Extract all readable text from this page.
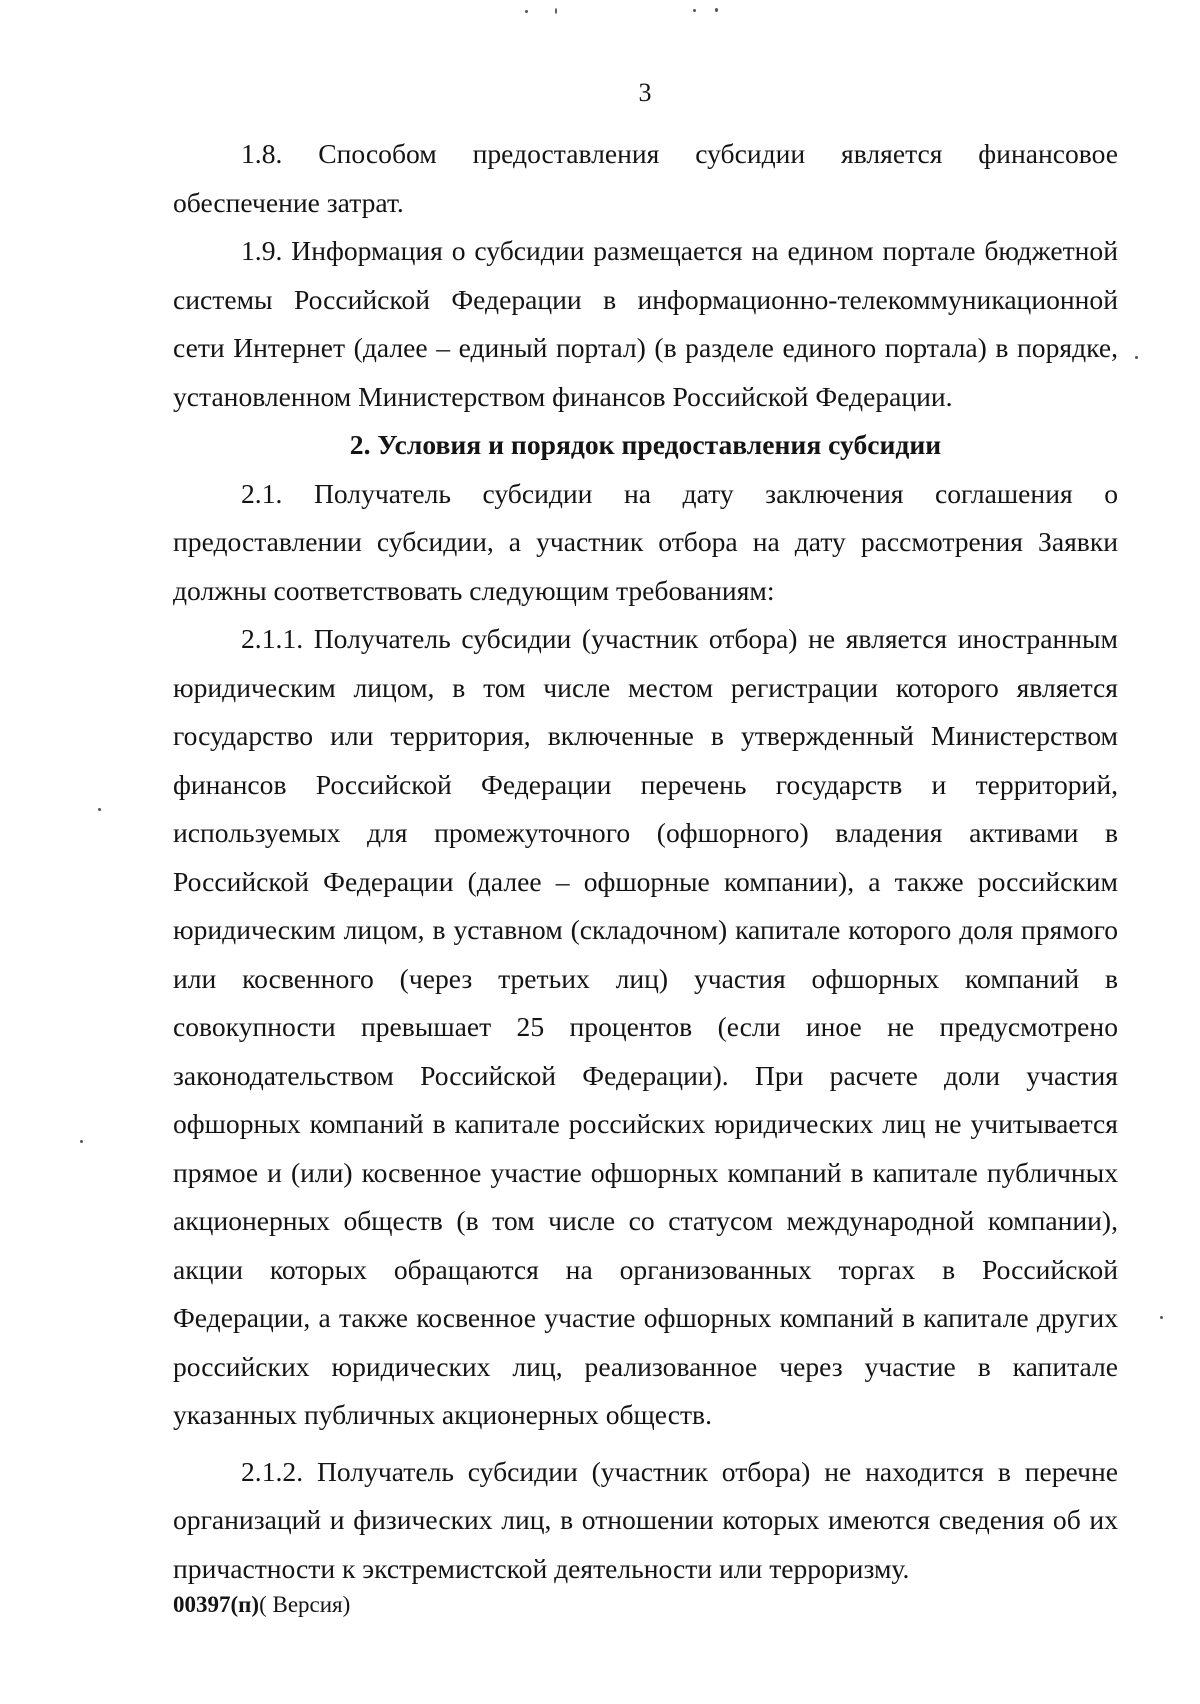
3

1.8. Способом предоставления субсидии является финансовое обеспечение затрат.

1.9. Информация о субсидии размещается на едином портале бюджетной системы Российской Федерации в информационно-телекоммуникационной сети Интернет (далее – единый портал) (в разделе единого портала) в порядке, установленном Министерством финансов Российской Федерации.

2. Условия и порядок предоставления субсидии

2.1. Получатель субсидии на дату заключения соглашения о предоставлении субсидии, а участник отбора на дату рассмотрения Заявки должны соответствовать следующим требованиям:

2.1.1. Получатель субсидии (участник отбора) не является иностранным юридическим лицом, в том числе местом регистрации которого является государство или территория, включенные в утвержденный Министерством финансов Российской Федерации перечень государств и территорий, используемых для промежуточного (офшорного) владения активами в Российской Федерации (далее – офшорные компании), а также российским юридическим лицом, в уставном (складочном) капитале которого доля прямого или косвенного (через третьих лиц) участия офшорных компаний в совокупности превышает 25 процентов (если иное не предусмотрено законодательством Российской Федерации). При расчете доли участия офшорных компаний в капитале российских юридических лиц не учитывается прямое и (или) косвенное участие офшорных компаний в капитале публичных акционерных обществ (в том числе со статусом международной компании), акции которых обращаются на организованных торгах в Российской Федерации, а также косвенное участие офшорных компаний в капитале других российских юридических лиц, реализованное через участие в капитале указанных публичных акционерных обществ.

2.1.2. Получатель субсидии (участник отбора) не находится в перечне организаций и физических лиц, в отношении которых имеются сведения об их причастности к экстремистской деятельности или терроризму.

00397(п)( Версия)
